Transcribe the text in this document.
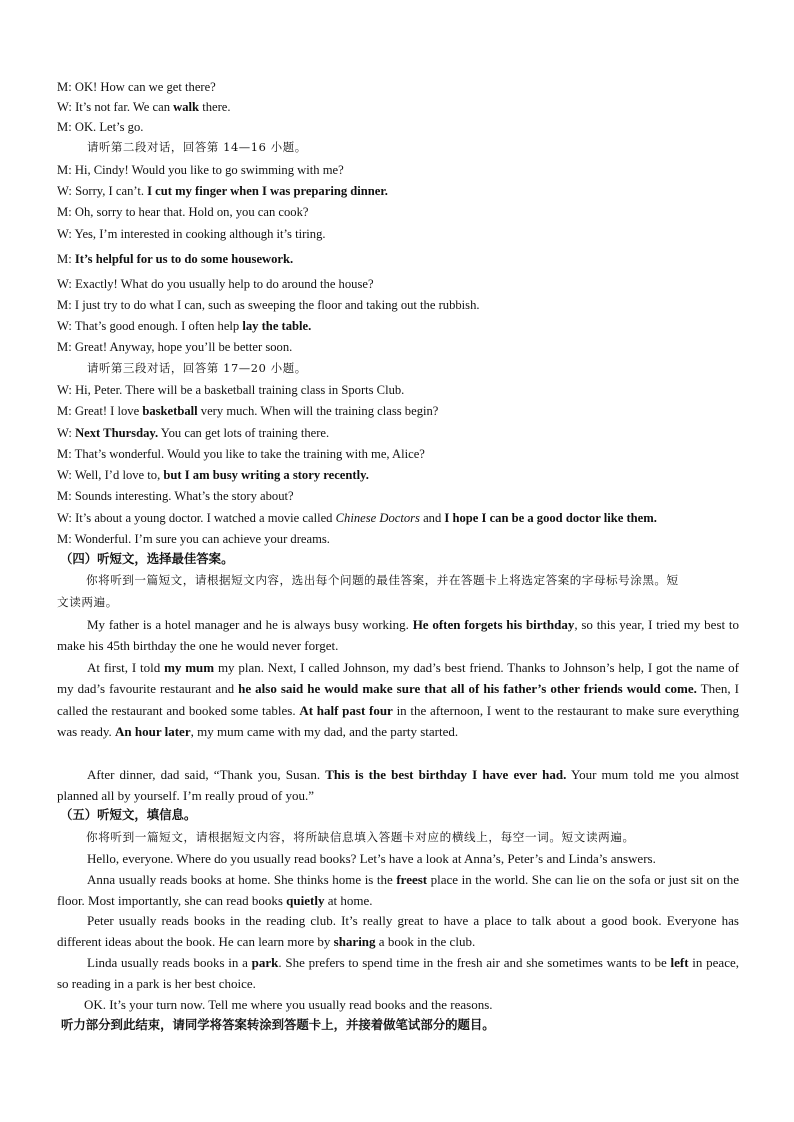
M: OK! How can we get there?
W: It’s not far. We can walk there.
M: OK. Let’s go.
请听第二段对话，回答第 14—16 小题。
M: Hi, Cindy! Would you like to go swimming with me?
W: Sorry, I can’t. I cut my finger when I was preparing dinner.
M: Oh, sorry to hear that. Hold on, you can cook?
W: Yes, I’m interested in cooking although it’s tiring.
M: It’s helpful for us to do some housework.
W: Exactly! What do you usually help to do around the house?
M: I just try to do what I can, such as sweeping the floor and taking out the rubbish.
W: That’s good enough. I often help lay the table.
M: Great! Anyway, hope you’ll be better soon.
请听第三段对话，回答第 17—20 小题。
W: Hi, Peter. There will be a basketball training class in Sports Club.
M: Great! I love basketball very much. When will the training class begin?
W: Next Thursday. You can get lots of training there.
M: That’s wonderful. Would you like to take the training with me, Alice?
W: Well, I’d love to, but I am busy writing a story recently.
M: Sounds interesting. What’s the story about?
W: It’s about a young doctor. I watched a movie called Chinese Doctors and I hope I can be a good doctor like them.
M: Wonderful. I’m sure you can achieve your dreams.
（四）听短文，选择最佳答案。
你将听到一篇短文，请根据短文内容，选出每个问题的最佳答案，并在答题卡上将选定答案的字母标号涂黑。短
文读两遍。
My father is a hotel manager and he is always busy working. He often forgets his birthday, so this year, I tried my best to make his 45th birthday the one he would never forget.
At first, I told my mum my plan. Next, I called Johnson, my dad’s best friend. Thanks to Johnson’s help, I got the name of my dad’s favourite restaurant and he also said he would make sure that all of his father’s other friends would come. Then, I called the restaurant and booked some tables. At half past four in the afternoon, I went to the restaurant to make sure everything was ready. An hour later, my mum came with my dad, and the party started.
After dinner, dad said, “Thank you, Susan. This is the best birthday I have ever had. Your mum told me you almost planned all by yourself. I’m really proud of you.”
（五）听短文，填信息。
你将听到一篇短文，请根据短文内容，将所缺信息填入答题卡对应的横线上，每空一词。短文读两遍。
Hello, everyone. Where do you usually read books? Let’s have a look at Anna’s, Peter’s and Linda’s answers.
Anna usually reads books at home. She thinks home is the freest place in the world. She can lie on the sofa or just sit on the floor. Most importantly, she can read books quietly at home.
Peter usually reads books in the reading club. It’s really great to have a place to talk about a good book. Everyone has different ideas about the book. He can learn more by sharing a book in the club.
Linda usually reads books in a park. She prefers to spend time in the fresh air and she sometimes wants to be left in peace, so reading in a park is her best choice.
OK. It’s your turn now. Tell me where you usually read books and the reasons.
听力部分到此结束，请同学将答案转涂到答题卡上，并接着做笔试部分的题目。
